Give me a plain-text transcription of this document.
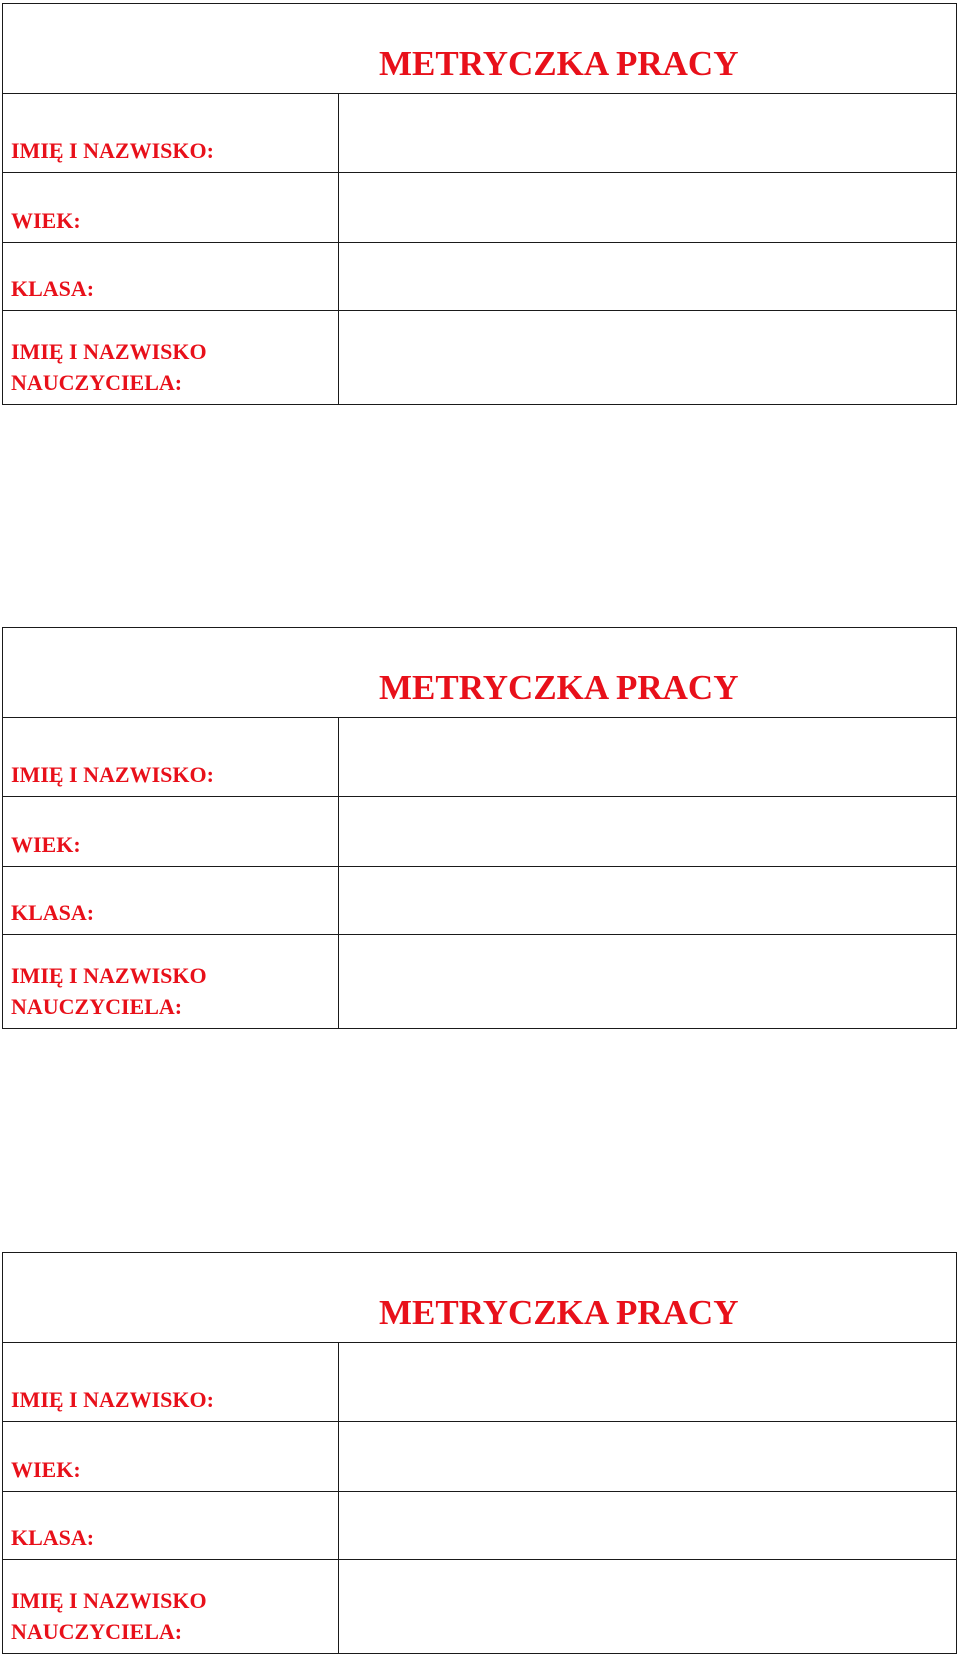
METRYCZKA PRACY

IMIĘ I NAZWISKO:

WIEK:

KLASA:

IMIĘ I NAZWISKO
NAUCZYCIELA:

METRYCZKA PRACY

IMIĘ I NAZWISKO:

WIEK:

KLASA:

IMIĘ I NAZWISKO
NAUCZYCIELA:

METRYCZKA PRACY

IMIĘ I NAZWISKO:

WIEK:

KLASA:

IMIĘ I NAZWISKO
NAUCZYCIELA:
